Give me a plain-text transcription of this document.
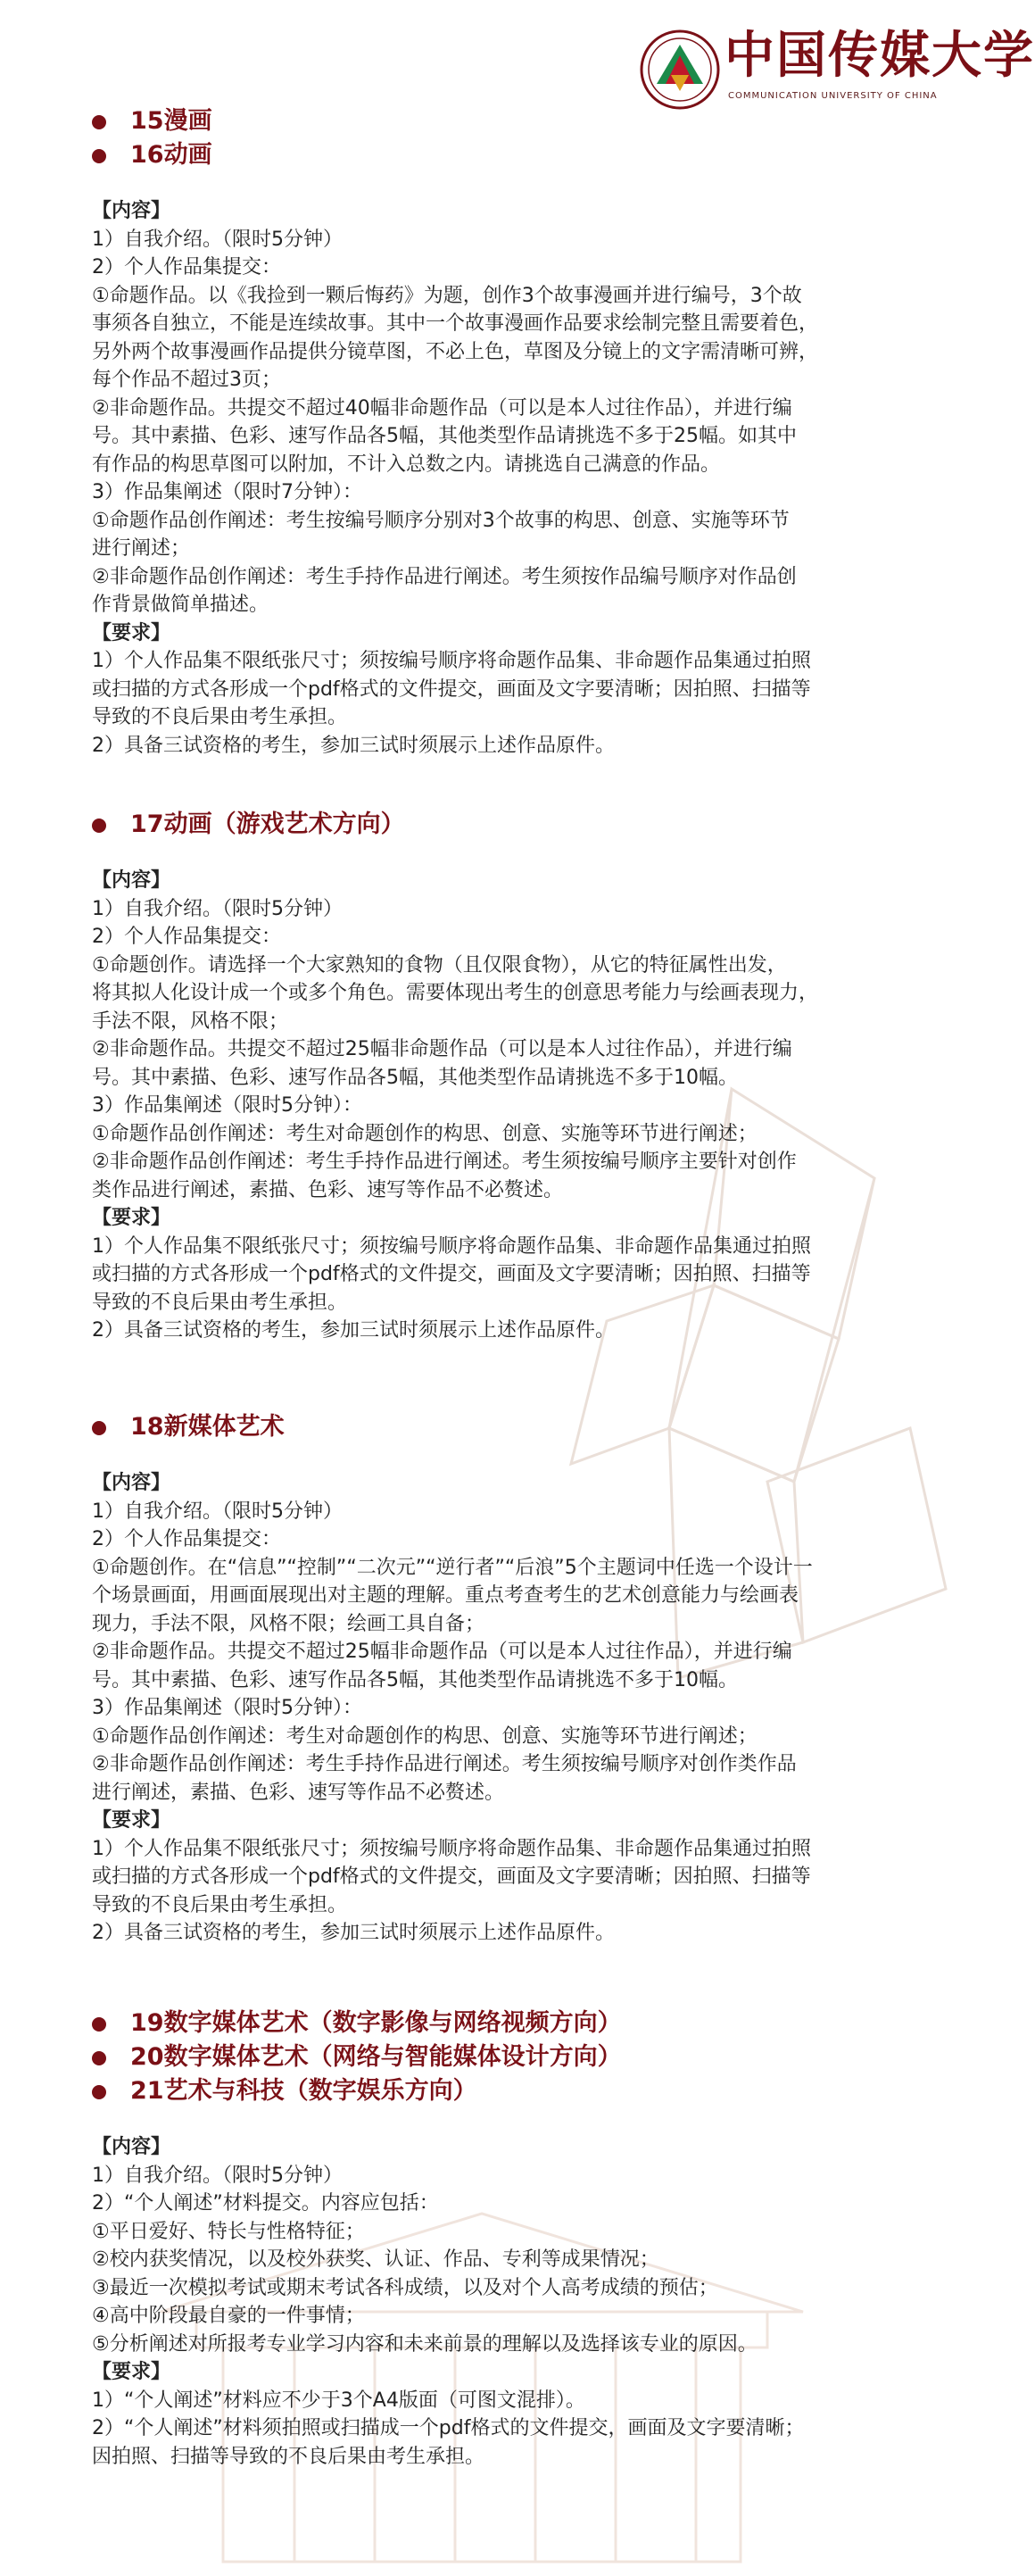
中国传媒大学
COMMUNICATION UNIVERSITY OF CHINA
15漫画
16动画
【内容】
1）自我介绍。（限时5分钟）
2）个人作品集提交：
①命题作品。以《我捡到一颗后悔药》为题，创作3个故事漫画并进行编号，3个故
事须各自独立，不能是连续故事。其中一个故事漫画作品要求绘制完整且需要着色，
另外两个故事漫画作品提供分镜草图，不必上色，草图及分镜上的文字需清晰可辨，
每个作品不超过3页；
②非命题作品。共提交不超过40幅非命题作品（可以是本人过往作品），并进行编
号。其中素描、色彩、速写作品各5幅，其他类型作品请挑选不多于25幅。如其中
有作品的构思草图可以附加，不计入总数之内。请挑选自己满意的作品。
3）作品集阐述（限时7分钟）：
①命题作品创作阐述：考生按编号顺序分别对3个故事的构思、创意、实施等环节
进行阐述；
②非命题作品创作阐述：考生手持作品进行阐述。考生须按作品编号顺序对作品创
作背景做简单描述。
【要求】
1）个人作品集不限纸张尺寸；须按编号顺序将命题作品集、非命题作品集通过拍照
或扫描的方式各形成一个pdf格式的文件提交，画面及文字要清晰；因拍照、扫描等
导致的不良后果由考生承担。
2）具备三试资格的考生，参加三试时须展示上述作品原件。
17动画（游戏艺术方向）
【内容】
1）自我介绍。（限时5分钟）
2）个人作品集提交：
①命题创作。请选择一个大家熟知的食物（且仅限食物），从它的特征属性出发，
将其拟人化设计成一个或多个角色。需要体现出考生的创意思考能力与绘画表现力，
手法不限，风格不限；
②非命题作品。共提交不超过25幅非命题作品（可以是本人过往作品），并进行编
号。其中素描、色彩、速写作品各5幅，其他类型作品请挑选不多于10幅。
3）作品集阐述（限时5分钟）：
①命题作品创作阐述：考生对命题创作的构思、创意、实施等环节进行阐述；
②非命题作品创作阐述：考生手持作品进行阐述。考生须按编号顺序主要针对创作
类作品进行阐述，素描、色彩、速写等作品不必赘述。
【要求】
1）个人作品集不限纸张尺寸；须按编号顺序将命题作品集、非命题作品集通过拍照
或扫描的方式各形成一个pdf格式的文件提交，画面及文字要清晰；因拍照、扫描等
导致的不良后果由考生承担。
2）具备三试资格的考生，参加三试时须展示上述作品原件。
18新媒体艺术
【内容】
1）自我介绍。（限时5分钟）
2）个人作品集提交：
①命题创作。在“信息”“控制”“二次元”“逆行者”“后浪”5个主题词中任选一个设计一
个场景画面，用画面展现出对主题的理解。重点考查考生的艺术创意能力与绘画表
现力，手法不限，风格不限；绘画工具自备；
②非命题作品。共提交不超过25幅非命题作品（可以是本人过往作品），并进行编
号。其中素描、色彩、速写作品各5幅，其他类型作品请挑选不多于10幅。
3）作品集阐述（限时5分钟）：
①命题作品创作阐述：考生对命题创作的构思、创意、实施等环节进行阐述；
②非命题作品创作阐述：考生手持作品进行阐述。考生须按编号顺序对创作类作品
进行阐述，素描、色彩、速写等作品不必赘述。
【要求】
1）个人作品集不限纸张尺寸；须按编号顺序将命题作品集、非命题作品集通过拍照
或扫描的方式各形成一个pdf格式的文件提交，画面及文字要清晰；因拍照、扫描等
导致的不良后果由考生承担。
2）具备三试资格的考生，参加三试时须展示上述作品原件。
19数字媒体艺术（数字影像与网络视频方向）
20数字媒体艺术（网络与智能媒体设计方向）
21艺术与科技（数字娱乐方向）
【内容】
1）自我介绍。（限时5分钟）
2）“个人阐述”材料提交。内容应包括：
①平日爱好、特长与性格特征；
②校内获奖情况，以及校外获奖、认证、作品、专利等成果情况；
③最近一次模拟考试或期末考试各科成绩，以及对个人高考成绩的预估；
④高中阶段最自豪的一件事情；
⑤分析阐述对所报考专业学习内容和未来前景的理解以及选择该专业的原因。
【要求】
1）“个人阐述”材料应不少于3个A4版面（可图文混排）。
2）“个人阐述”材料须拍照或扫描成一个pdf格式的文件提交，画面及文字要清晰；
因拍照、扫描等导致的不良后果由考生承担。
